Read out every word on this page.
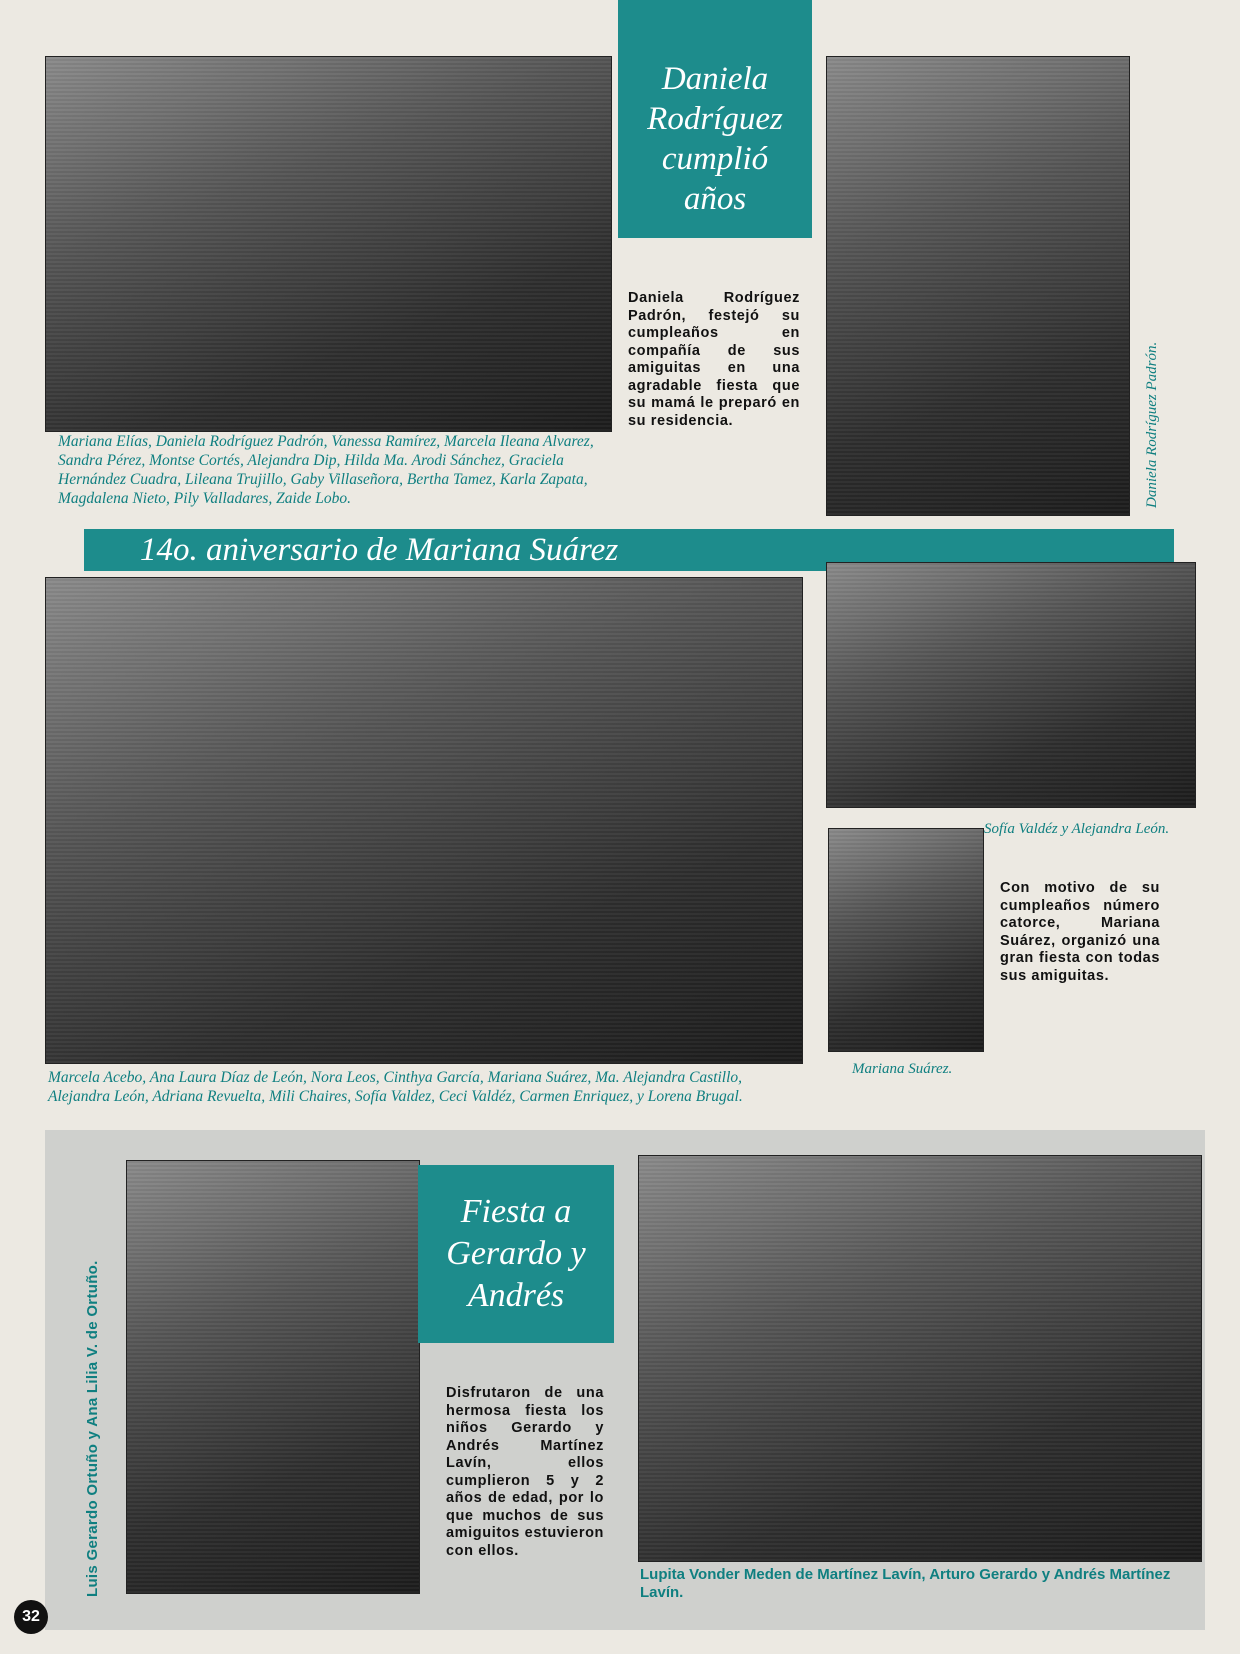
Daniela Rodríguez cumplió años
Daniela Rodríguez Padrón, festejó su cumpleaños en compañía de sus amiguitas en una agradable fiesta que su mamá le preparó en su residencia.	Daniela Rodríguez Padrón.
Mariana Elías, Daniela Rodríguez Padrón, Vanessa Ramírez, Marcela Ileana Alvarez, Sandra Pérez, Montse Cortés, Alejandra Dip, Hilda Ma. Arodi Sánchez, Graciela Hernández Cuadra, Lileana Trujillo, Gaby Villaseñora, Bertha Tamez, Karla Zapata, Magdalena Nieto, Pily Valladares, Zaide Lobo.
14o. aniversario de Mariana Suárez
Marcela Acebo, Ana Laura Díaz de León, Nora Leos, Cinthya García, Mariana Suárez, Ma. Alejandra Castillo, Alejandra León, Adriana Revuelta, Mili Chaires, Sofía Valdez, Ceci Valdéz, Carmen Enriquez, y Lorena Brugal.
Sofía Valdéz y Alejandra León.
Mariana Suárez.
Con motivo de su cumpleaños número catorce, Mariana Suárez, organizó una gran fiesta con todas sus amiguitas.
Luis Gerardo Ortuño y Ana Lilia V. de Ortuño.
Fiesta a Gerardo y Andrés
Disfrutaron de una hermosa fiesta los niños Gerardo y Andrés Martínez Lavín, ellos cumplieron 5 y 2 años de edad, por lo que muchos de sus amiguitos estuvieron con ellos.
Lupita Vonder Meden de Martínez Lavín, Arturo Gerardo y Andrés Martínez Lavín.
32
